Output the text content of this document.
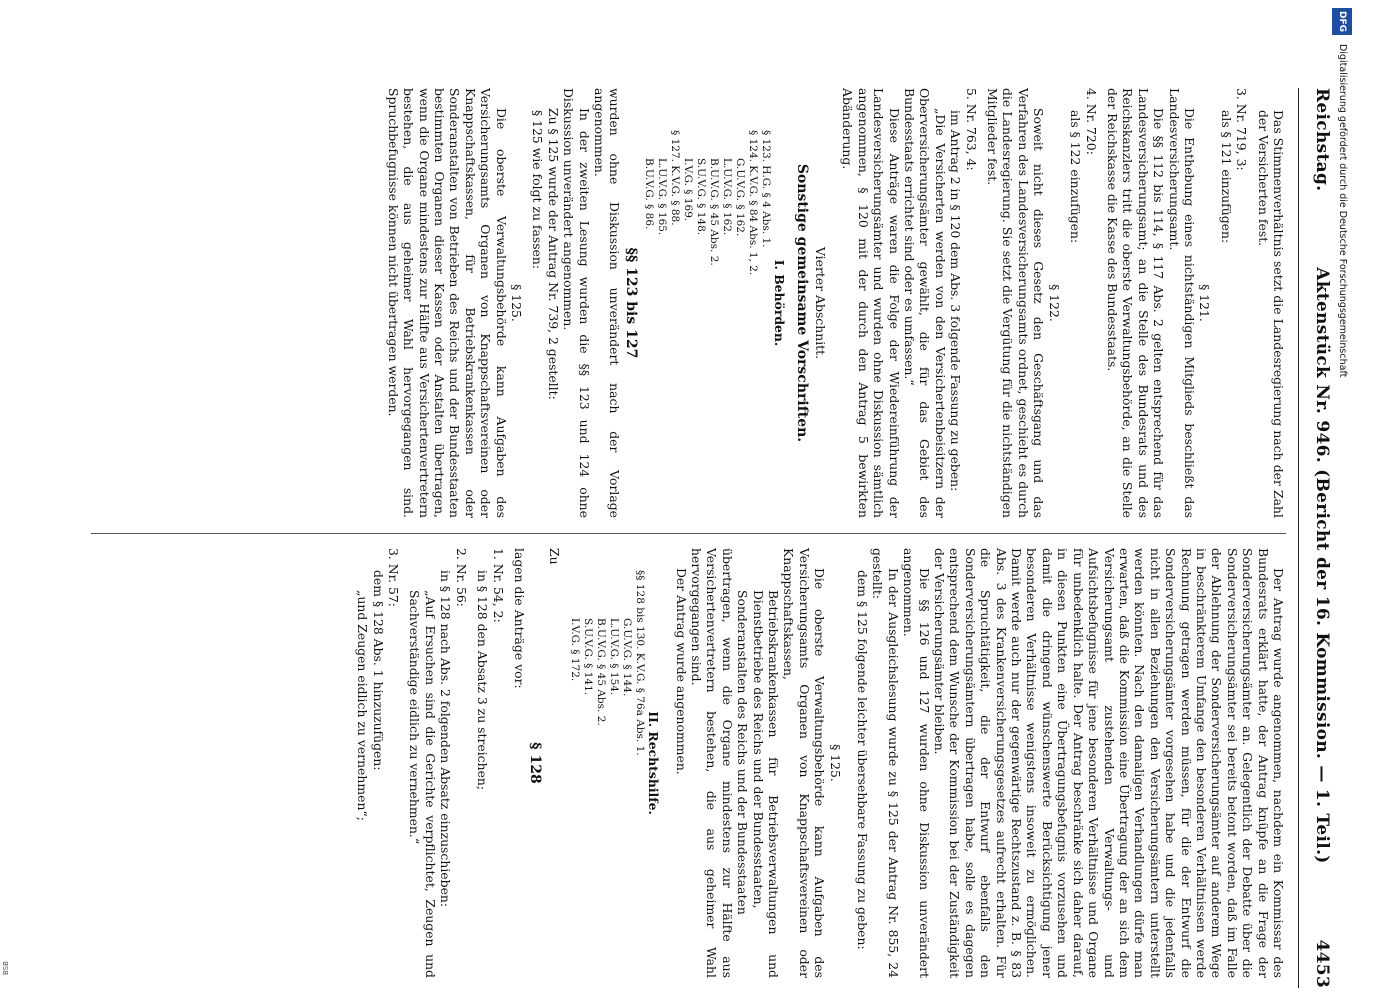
Reichstag.
Aktenstück Nr. 946. (Bericht der 16. Kommission. — 1. Teil.)
4453

Das Stimmenverhältnis setzt die Landesregierung nach der Zahl der Versicherten fest.

3. Nr. 719, 3:

als § 121 einzufügen:

§ 121.

Die Enthebung eines nichtständigen Mitglieds beschließt das Landesversicherungsamt.

Die §§ 112 bis 114, § 117 Abs. 2 gelten entsprechend für das Landesversicherungsamt; an die Stelle des Bundesrats und des Reichskanzlers tritt die oberste Verwaltungsbehörde, an die Stelle der Reichskasse die Kasse des Bundesstaats.

4. Nr. 720:

als § 122 einzufügen:

§ 122.

Soweit nicht dieses Gesetz den Geschäftsgang und das Verfahren des Landesversicherungsamts ordnet, geschieht es durch die Landesregierung. Sie setzt die Vergütung für die nichtständigen Mitglieder fest.

5. Nr. 763, 4:

im Antrag 2 in § 120 dem Abs. 3 folgende Fassung zu geben:

„Die Versicherten werden von den Versichertenbeisitzern der Oberversicherungsämter gewählt, die für das Gebiet des Bundesstaats errichtet sind oder es umfassen.“

Diese Anträge waren die Folge der Wiedereinführung der Landesversicherungsämter und wurden ohne Diskussion sämtlich angenommen, § 120 mit der durch den Antrag 5 bewirkten Abänderung.

Vierter Abschnitt.

Sonstige gemeinsame Vorschriften.

I. Behörden.

§ 123. H.G. § 4 Abs. 1.

§ 124. K.V.G. § 84 Abs. 1, 2.

G.U.V.G. § 162.

L.U.V.G. § 162.

B.U.V.G. § 45 Abs. 2.

S.U.V.G. § 148.

I.V.G. § 169.

§ 127. K.V.G. § 88.

L.U.V.G. § 165.

B.U.V.G. § 86.

§§ 123 bis 127

wurden ohne Diskussion unverändert nach der Vorlage angenommen.

In der zweiten Lesung wurden die §§ 123 und 124 ohne Diskussion unverändert angenommen.

Zu § 125 wurde der Antrag Nr. 739, 2 gestellt:

§ 125 wie folgt zu fassen:

§ 125.

Die oberste Verwaltungsbehörde kann Aufgaben des Versicherungsamts Organen von Knappschaftsvereinen oder Knappschaftskassen, für Betriebskrankenkassen oder Sonderanstalten von Betrieben des Reichs und der Bundesstaaten bestimmten Organen dieser Kassen oder Anstalten übertragen, wenn die Organe mindestens zur Hälfte aus Versichertenvertretern bestehen, die aus geheimer Wahl hervorgegangen sind. Spruchbefugnisse können nicht übertragen werden.

Der Antrag wurde angenommen, nachdem ein Kommissar des Bundesrats erklärt hatte, der Antrag knüpfe an die Frage der Sonderversicherungsämter an. Gelegentlich der Debatte über die Sonderversicherungsämter sei bereits betont worden, daß im Falle der Ablehnung der Sonderversicherungsämter auf anderem Wege in beschränkterem Umfange den besonderen Verhältnissen werde Rechnung getragen werden müssen, für die der Entwurf die Sonderversicherungsämter vorgesehen habe und die jedenfalls nicht in allen Beziehungen den Versicherungsämtern unterstellt werden könnten. Nach den damaligen Verhandlungen dürfe man erwarten, daß die Kommission eine Übertragung der an sich dem Versicherungsamt zustehenden Verwaltungs- und Aufsichtsbefugnisse für jene besonderen Verhältnisse und Organe für unbedenklich halte. Der Antrag beschränke sich daher darauf, in diesen Punkten eine Übertragungsbefugnis vorzusehen und damit die dringend wünschenswerte Berücksichtigung jener besonderen Verhältnisse wenigstens insoweit zu ermöglichen. Damit werde auch nur der gegenwärtige Rechtszustand z. B. § 83 Abs. 3 des Krankenversicherungsgesetzes aufrecht erhalten. Für die Spruchtätigkeit, die der Entwurf ebenfalls den Sonderversicherungsämtern übertragen habe, solle es dagegen entsprechend dem Wunsche der Kommission bei der Zuständigkeit der Versicherungsämter bleiben.

Die §§ 126 und 127 wurden ohne Diskussion unverändert angenommen.

In der Ausgleichslesung wurde zu § 125 der Antrag Nr. 855, 24 gestellt:

dem § 125 folgende leichter übersehbare Fassung zu geben:

§ 125.

Die oberste Verwaltungsbehörde kann Aufgaben des Versicherungsamts Organen von Knappschaftsvereinen oder Knappschaftskassen,

Betriebskrankenkassen für Betriebsverwaltungen und Dienstbetriebe des Reichs und der Bundesstaaten,

Sonderanstalten des Reichs und der Bundesstaaten

übertragen, wenn die Organe mindestens zur Hälfte aus Versichertenvertretern bestehen, die aus geheimer Wahl hervorgegangen sind.

Der Antrag wurde angenommen.

II. Rechtshilfe.

§§ 128 bis 130. K.V.G. § 76a Abs. 1.

G.U.V.G. § 144.

L.U.V.G. § 154.

B.U.V.G. § 45 Abs. 2.

S.U.V.G. § 141.

I.V.G. § 172.

Zu

§ 128

lagen die Anträge vor:

1. Nr. 54, 2:

in § 128 den Absatz 3 zu streichen;

2. Nr. 56:

in § 128 nach Abs. 2 folgenden Absatz einzuschieben:

„Auf Ersuchen sind die Gerichte verpflichtet, Zeugen und Sachverständige eidlich zu vernehmen.“

3. Nr. 57:

dem § 128 Abs. 1 hinzuzufügen:

„und Zeugen eidlich zu vernehmen“;

DFG Digitalisierung gefördert durch die Deutsche Forschungsgemeinschaft
BSB
